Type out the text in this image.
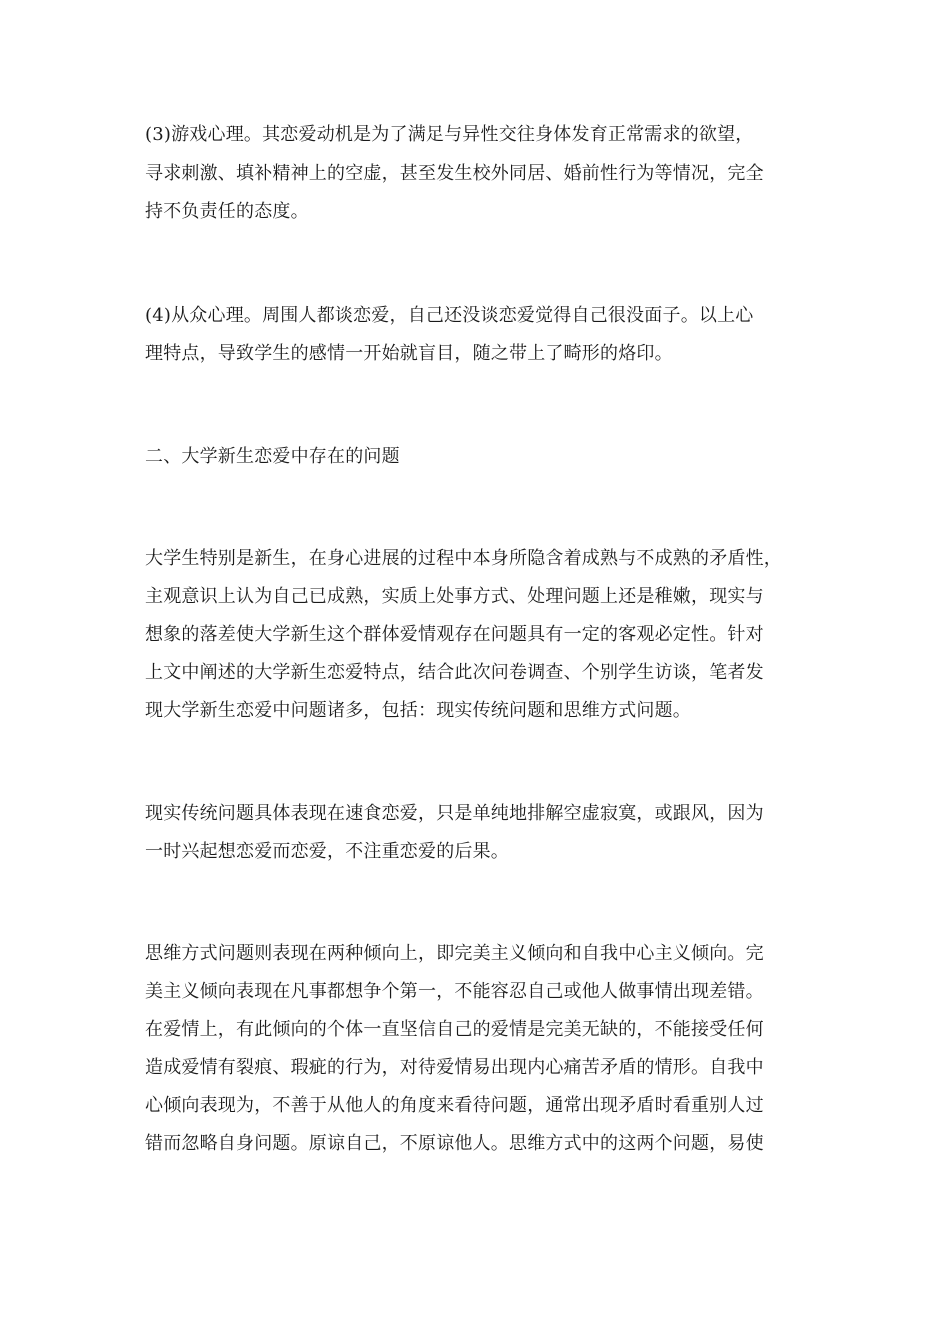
(3)游戏心理。其恋爱动机是为了满足与异性交往身体发育正常需求的欲望，
寻求刺激、填补精神上的空虚，甚至发生校外同居、婚前性行为等情况，完全
持不负责任的态度。
(4)从众心理。周围人都谈恋爱，自己还没谈恋爱觉得自己很没面子。以上心
理特点，导致学生的感情一开始就盲目，随之带上了畸形的烙印。
二、大学新生恋爱中存在的问题
大学生特别是新生，在身心进展的过程中本身所隐含着成熟与不成熟的矛盾性，
主观意识上认为自己已成熟，实质上处事方式、处理问题上还是稚嫩，现实与
想象的落差使大学新生这个群体爱情观存在问题具有一定的客观必定性。针对
上文中阐述的大学新生恋爱特点，结合此次问卷调查、个别学生访谈，笔者发
现大学新生恋爱中问题诸多，包括：现实传统问题和思维方式问题。
现实传统问题具体表现在速食恋爱，只是单纯地排解空虚寂寞，或跟风，因为
一时兴起想恋爱而恋爱，不注重恋爱的后果。
思维方式问题则表现在两种倾向上，即完美主义倾向和自我中心主义倾向。完
美主义倾向表现在凡事都想争个第一，不能容忍自己或他人做事情出现差错。
在爱情上，有此倾向的个体一直坚信自己的爱情是完美无缺的，不能接受任何
造成爱情有裂痕、瑕疵的行为，对待爱情易出现内心痛苦矛盾的情形。自我中
心倾向表现为，不善于从他人的角度来看待问题，通常出现矛盾时看重别人过
错而忽略自身问题。原谅自己，不原谅他人。思维方式中的这两个问题，易使
